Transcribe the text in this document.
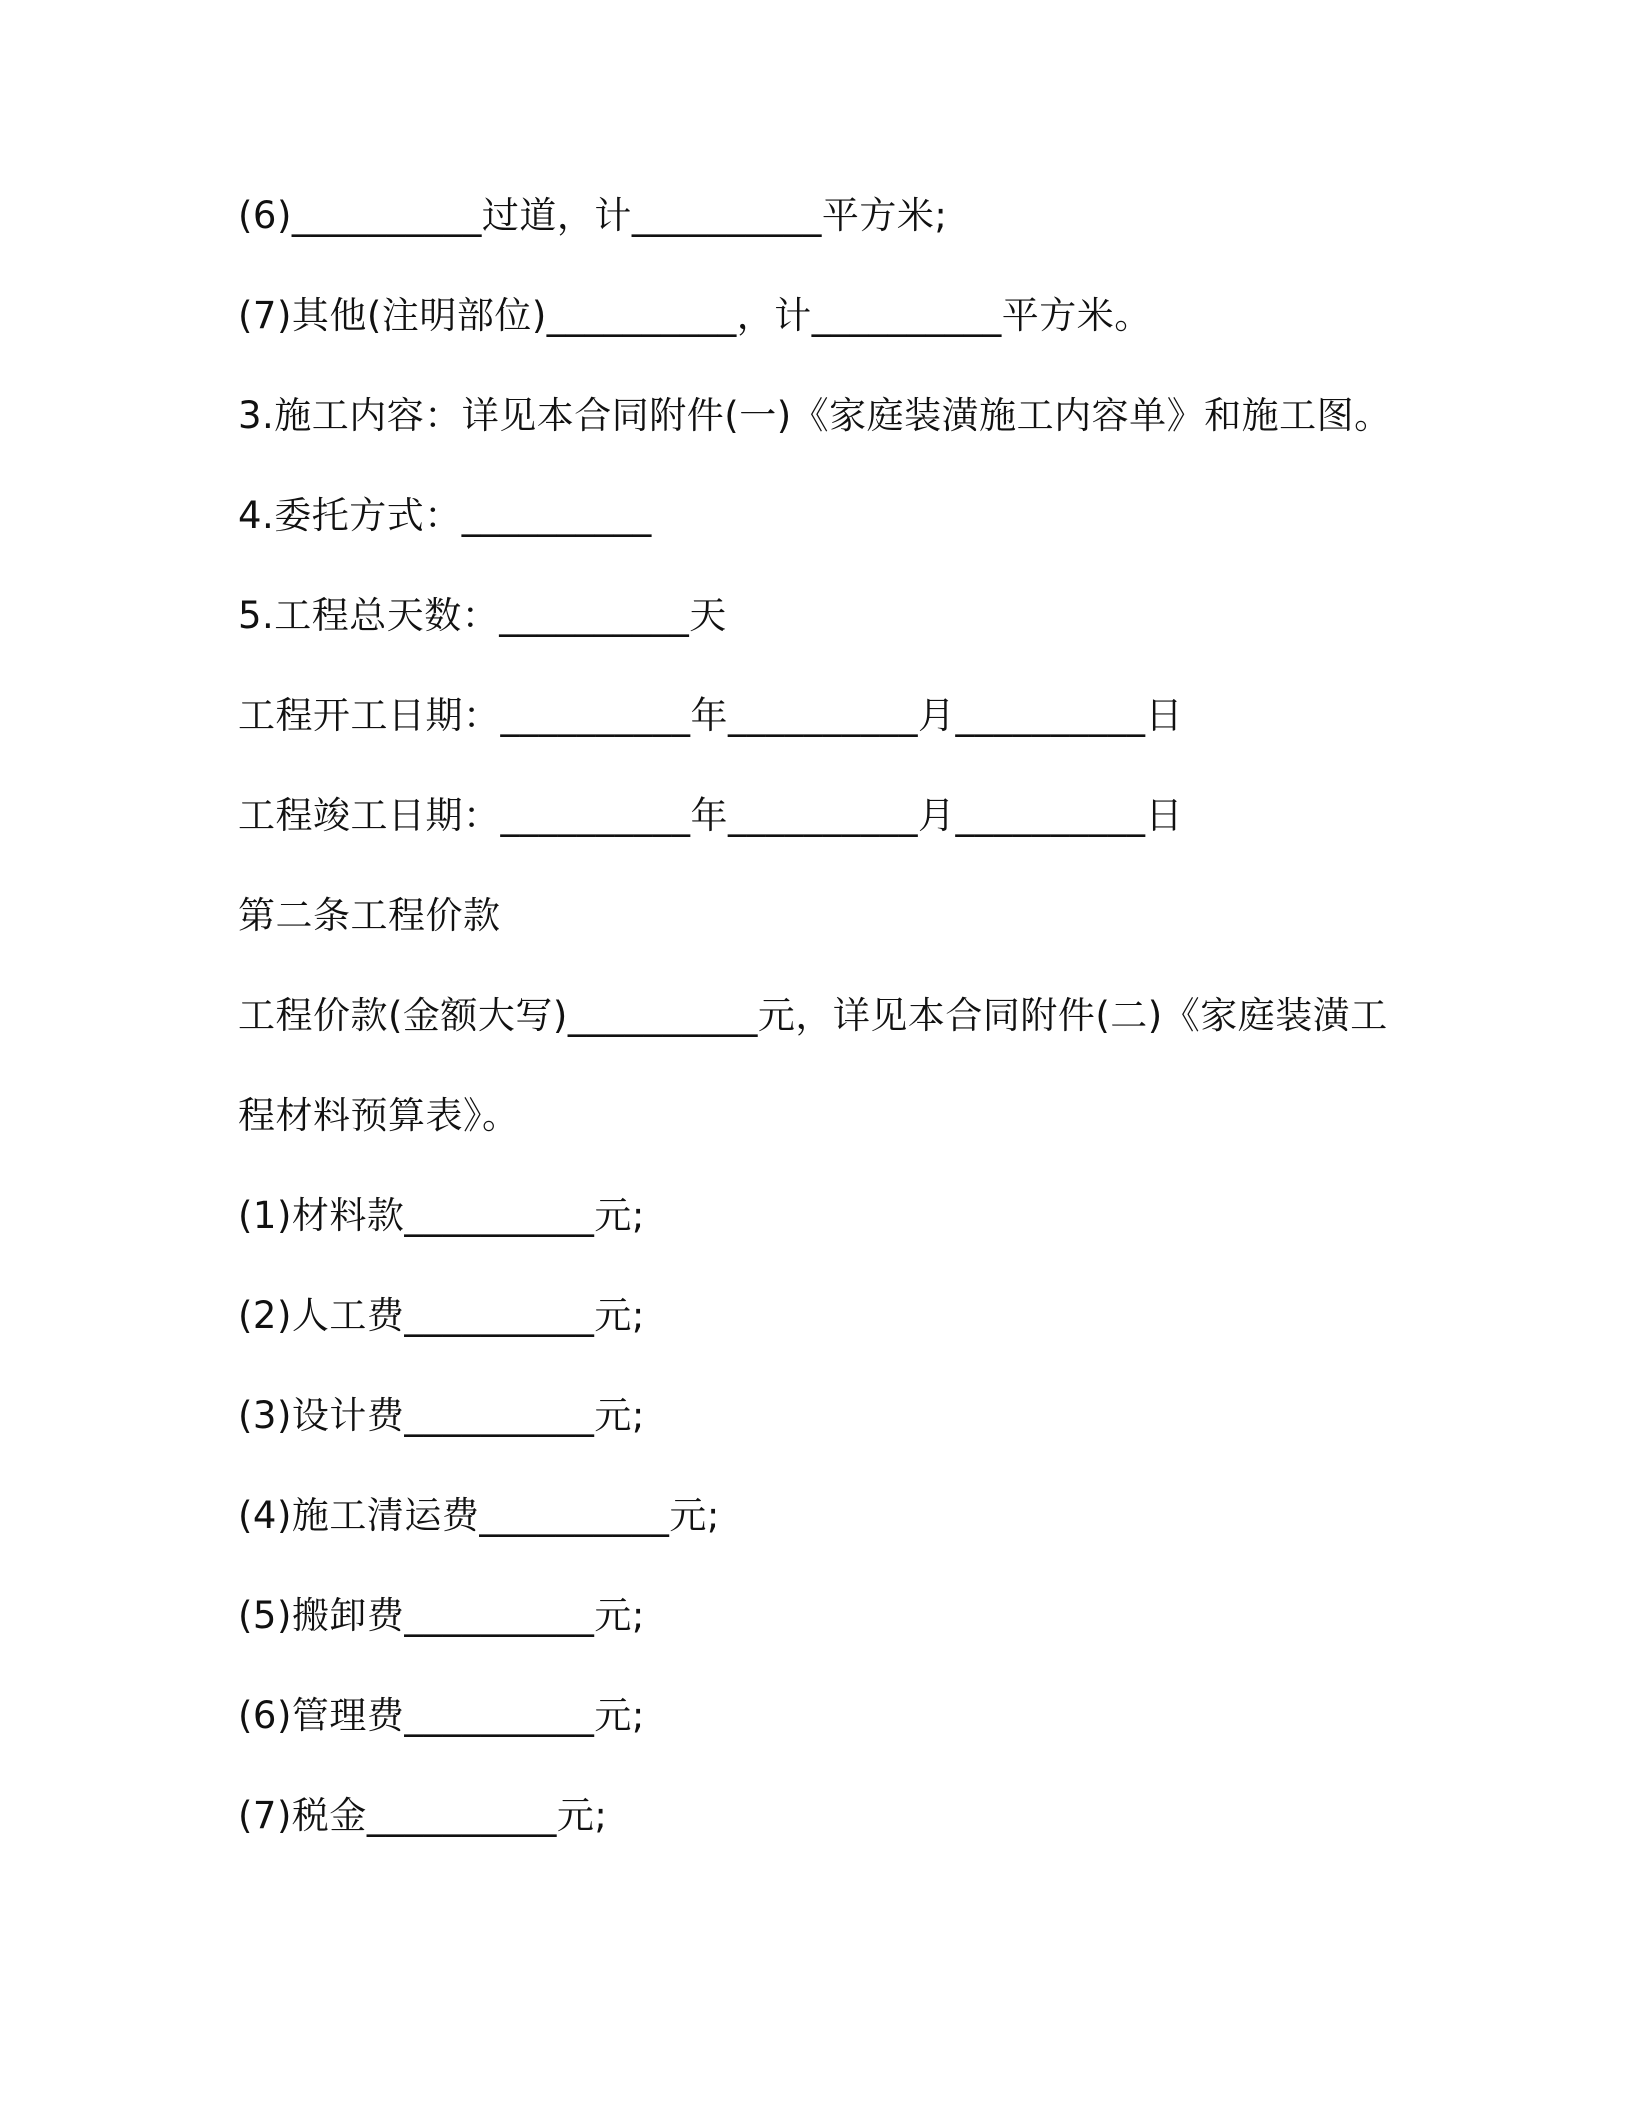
(6)__________过道，计__________平方米;
(7)其他(注明部位)__________，计__________平方米。
3.施工内容：详见本合同附件(一)《家庭装潢施工内容单》和施工图。
4.委托方式：__________
5.工程总天数：__________天
工程开工日期：__________年__________月__________日
工程竣工日期：__________年__________月__________日
第二条工程价款
工程价款(金额大写)__________元，详见本合同附件(二)《家庭装潢工
程材料预算表》。
(1)材料款__________元;
(2)人工费__________元;
(3)设计费__________元;
(4)施工清运费__________元;
(5)搬卸费__________元;
(6)管理费__________元;
(7)税金__________元;
